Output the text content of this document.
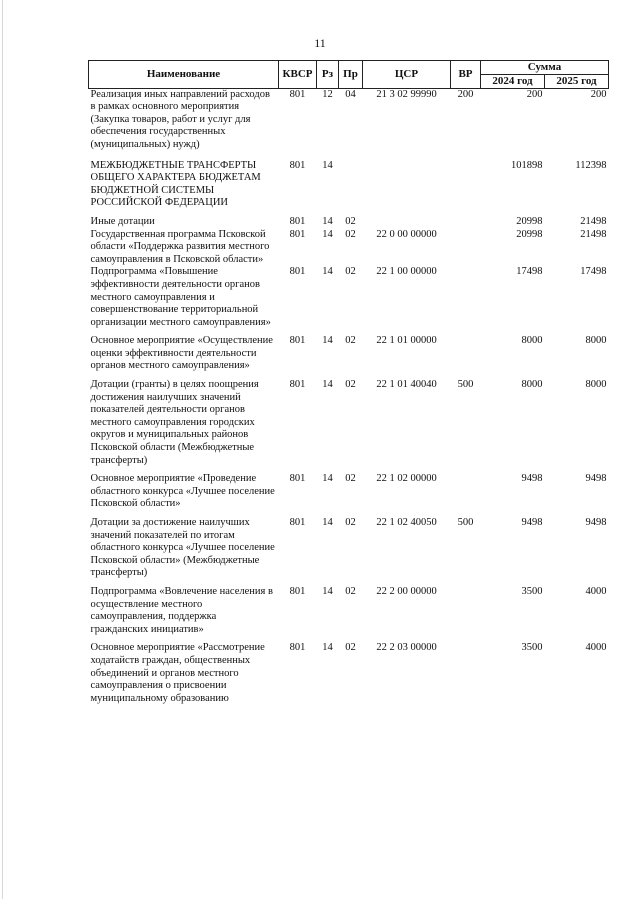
11
Наименование	КВСР	Рз	Пр	ЦСР	ВР	Сумма	
						2024 год	2025 год
Реализация иных направлений расходов в рамках основного мероприятия (Закупка товаров, работ и услуг для обеспечения государственных (муниципальных) нужд)	801	12	04	21 3 02 99990	200	200	200
МЕЖБЮДЖЕТНЫЕ ТРАНСФЕРТЫ ОБЩЕГО ХАРАКТЕРА БЮДЖЕТАМ БЮДЖЕТНОЙ СИСТЕМЫ РОССИЙСКОЙ ФЕДЕРАЦИИ	801	14				101898	112398
Иные дотации	801	14	02			20998	21498
Государственная программа Псковской области «Поддержка развития местного самоуправления в Псковской области»	801	14	02	22 0 00 00000		20998	21498
Подпрограмма «Повышение эффективности деятельности органов местного самоуправления и совершенствование территориальной организации местного самоуправления»	801	14	02	22 1 00 00000		17498	17498
Основное мероприятие «Осуществление оценки эффективности деятельности органов местного самоуправления»	801	14	02	22 1 01 00000		8000	8000
Дотации (гранты) в целях поощрения достижения наилучших значений показателей деятельности органов местного самоуправления городских округов и муниципальных районов Псковской области (Межбюджетные трансферты)	801	14	02	22 1 01 40040	500	8000	8000
Основное мероприятие «Проведение областного конкурса «Лучшее поселение Псковской области»	801	14	02	22 1 02 00000		9498	9498
Дотации за достижение наилучших значений показателей по итогам областного конкурса «Лучшее поселение Псковской области» (Межбюджетные трансферты)	801	14	02	22 1 02 40050	500	9498	9498
Подпрограмма «Вовлечение населения в осуществление местного самоуправления, поддержка гражданских инициатив»	801	14	02	22 2 00 00000		3500	4000
Основное мероприятие «Рассмотрение ходатайств граждан, общественных объединений и органов местного самоуправления о присвоении муниципальному образованию	801	14	02	22 2 03 00000		3500	4000
